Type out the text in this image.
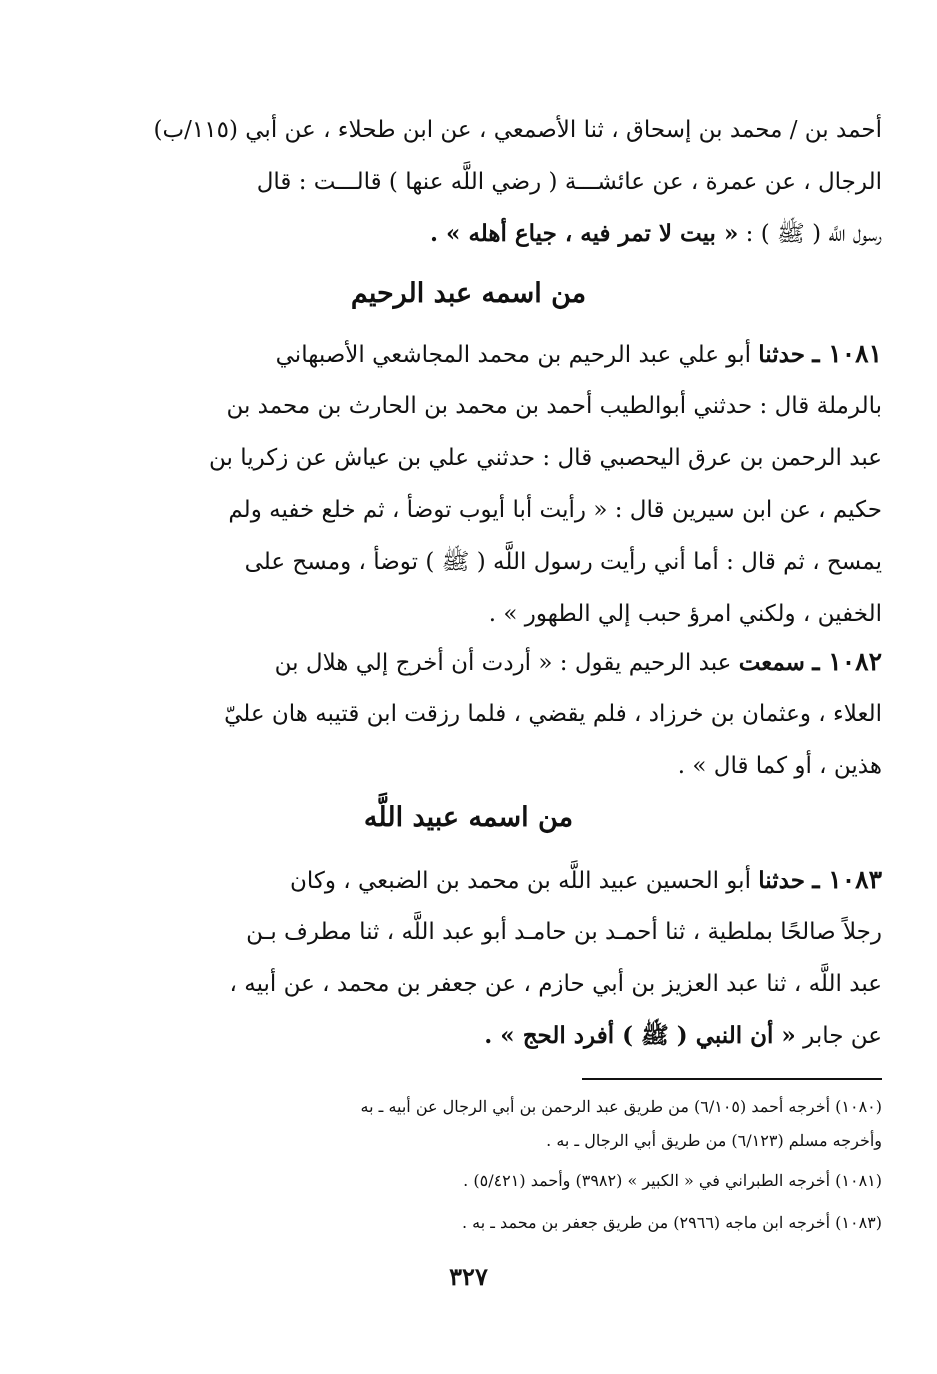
أحمد بن / محمد بن إسحاق ، ثنا الأصمعي ، عن ابن طحلاء ، عن أبي (١١٥/ب)
الرجال ، عن عمرة ، عن عائشـــة ( رضي اللَّه عنها ) قالـــت : قال
رسول اللَّه ( ﷺ ) : « بيت لا تمر فيه ، جياع أهله » .
من اسمه عبد الرحيم
١٠٨١ ـ حدثنا أبو علي عبد الرحيم بن محمد المجاشعي الأصبهاني
بالرملة قال : حدثني أبوالطيب أحمد بن محمد بن الحارث بن محمد بن
عبد الرحمن بن عرق اليحصبي قال : حدثني علي بن عياش عن زكريا بن
حكيم ، عن ابن سيرين قال : « رأيت أبا أيوب توضأ ، ثم خلع خفيه ولم
يمسح ، ثم قال : أما أني رأيت رسول اللَّه ( ﷺ ) توضأ ، ومسح على
الخفين ، ولكني امرؤ حبب إلي الطهور » .
١٠٨٢ ـ سمعت عبد الرحيم يقول : « أردت أن أخرج إلي هلال بن
العلاء ، وعثمان بن خرزاد ، فلم يقضي ، فلما رزقت ابن قتيبه هان عليّ
هذين ، أو كما قال » .
من اسمه عبيد اللَّه
١٠٨٣ ـ حدثنا أبو الحسين عبيد اللَّه بن محمد بن الضبعي ، وكان
رجلاً صالحًا بملطية ، ثنا أحمـد بن حامـد أبو عبد اللَّه ، ثنا مطرف بـن
عبد اللَّه ، ثنا عبد العزيز بن أبي حازم ، عن جعفر بن محمد ، عن أبيه ،
عن جابر « أن النبي ( ﷺ ) أفرد الحج » .
(١٠٨٠) أخرجه أحمد (٦/١٠٥) من طريق عبد الرحمن بن أبي الرجال عن أبيه ـ به
وأخرجه مسلم (٦/١٢٣) من طريق أبي الرجال ـ به .
(١٠٨١) أخرجه الطبراني في « الكبير » (٣٩٨٢) وأحمد (٥/٤٢١) .
(١٠٨٣) أخرجه ابن ماجه (٢٩٦٦) من طريق جعفر بن محمد ـ به .
٣٢٧
